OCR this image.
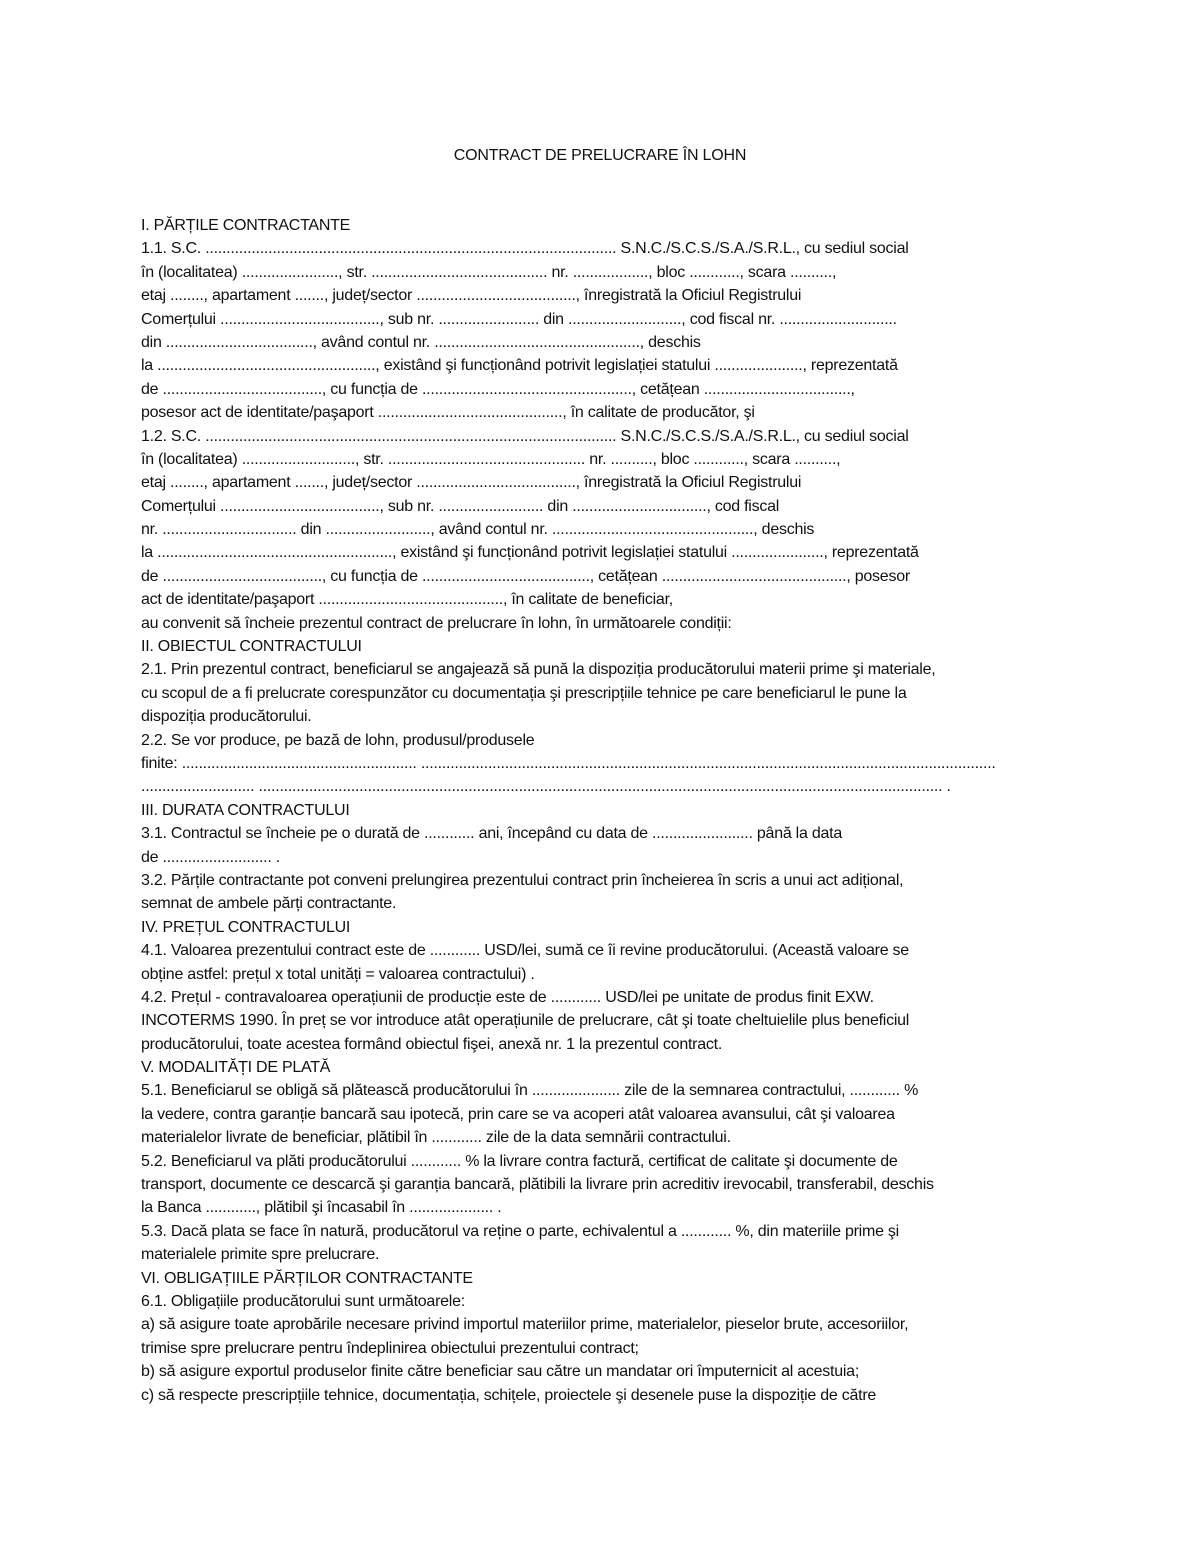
CONTRACT DE PRELUCRARE ÎN LOHN
I. PĂRȚILE CONTRACTANTE
1.1. S.C. .................................................................................................. S.N.C./S.C.S./S.A./S.R.L., cu sediul social
în (localitatea) ......................., str. .......................................... nr. .................., bloc ............, scara ..........,
etaj ........, apartament ......., județ/sector ......................................, înregistrată la Oficiul Registrului
Comerțului ......................................, sub nr. ........................ din ..........................., cod fiscal nr. ............................
din ..................................., având contul nr. ................................................., deschis
la ...................................................., existând şi funcționând potrivit legislației statului ....................., reprezentată
de ......................................, cu funcția de .................................................., cetățean ...................................,
posesor act de identitate/paşaport ............................................, în calitate de producător, şi
1.2. S.C. .................................................................................................. S.N.C./S.C.S./S.A./S.R.L., cu sediul social
în (localitatea) ..........................., str. ............................................... nr. .........., bloc ............, scara ..........,
etaj ........, apartament ......., județ/sector ......................................, înregistrată la Oficiul Registrului
Comerțului ......................................, sub nr. ......................... din ................................, cod fiscal
nr. ................................ din ........................., având contul nr. ................................................, deschis
la ........................................................, existând şi funcționând potrivit legislației statului ......................, reprezentată
de ......................................, cu funcția de ........................................, cetățean ............................................, posesor
act de identitate/paşaport ............................................, în calitate de beneficiar,
au convenit să încheie prezentul contract de prelucrare în lohn, în următoarele condiții:
II. OBIECTUL CONTRACTULUI
2.1. Prin prezentul contract, beneficiarul se angajează să pună la dispoziția producătorului materii prime şi materiale,
cu scopul de a fi prelucrate corespunzător cu documentația şi prescripțiile tehnice pe care beneficiarul le pune la
dispoziția producătorului.
2.2. Se vor produce, pe bază de lohn, produsul/produsele
finite: ........................................................ .........................................................................................................................................
........................... ................................................................................................................................................................... .
III. DURATA CONTRACTULUI
3.1. Contractul se încheie pe o durată de ............ ani, începând cu data de ........................ până la data
de .......................... .
3.2. Părțile contractante pot conveni prelungirea prezentului contract prin încheierea în scris a unui act adițional,
semnat de ambele părți contractante.
IV. PREȚUL CONTRACTULUI
4.1. Valoarea prezentului contract este de ............ USD/lei, sumă ce îi revine producătorului. (Această valoare se
obține astfel: prețul x total unități = valoarea contractului) .
4.2. Prețul - contravaloarea operațiunii de producție este de ............ USD/lei pe unitate de produs finit EXW.
INCOTERMS 1990. În preț se vor introduce atât operațiunile de prelucrare, cât şi toate cheltuielile plus beneficiul
producătorului, toate acestea formând obiectul fişei, anexă nr. 1 la prezentul contract.
V. MODALITĂȚI DE PLATĂ
5.1. Beneficiarul se obligă să plătească producătorului în ..................... zile de la semnarea contractului, ............ %
la vedere, contra garanție bancară sau ipotecă, prin care se va acoperi atât valoarea avansului, cât şi valoarea
materialelor livrate de beneficiar, plătibil în ............ zile de la data semnării contractului.
5.2. Beneficiarul va plăti producătorului ............ % la livrare contra factură, certificat de calitate şi documente de
transport, documente ce descarcă şi garanția bancară, plătibili la livrare prin acreditiv irevocabil, transferabil, deschis
la Banca ............, plătibil şi încasabil în .................... .
5.3. Dacă plata se face în natură, producătorul va reține o parte, echivalentul a ............ %, din materiile prime şi
materialele primite spre prelucrare.
VI. OBLIGAȚIILE PĂRȚILOR CONTRACTANTE
6.1. Obligațiile producătorului sunt următoarele:
a) să asigure toate aprobările necesare privind importul materiilor prime, materialelor, pieselor brute, accesoriilor,
trimise spre prelucrare pentru îndeplinirea obiectului prezentului contract;
b) să asigure exportul produselor finite către beneficiar sau către un mandatar ori împuternicit al acestuia;
c) să respecte prescripțiile tehnice, documentația, schițele, proiectele şi desenele puse la dispoziție de către
